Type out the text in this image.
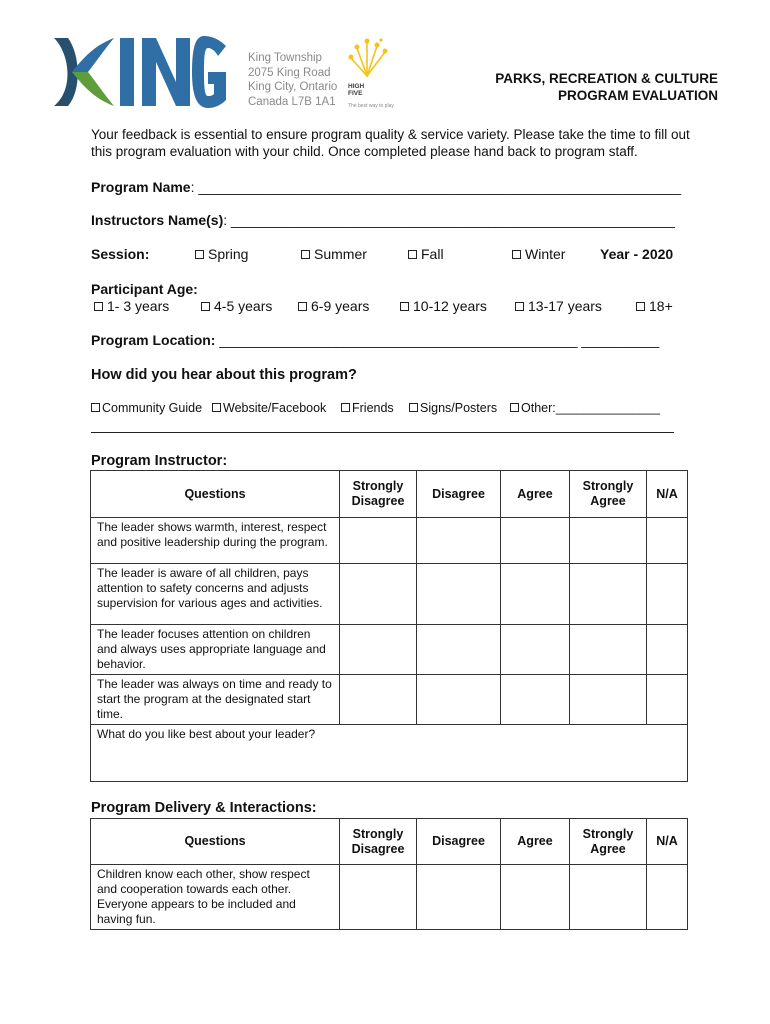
King Township
2075 King Road
King City, Ontario
Canada L7B 1A1
HIGH
FIVE
The best way to play
PARKS, RECREATION & CULTURE
PROGRAM EVALUATION
Your feedback is essential to ensure program quality & service variety. Please take the time to fill out this program evaluation with your child. Once completed please hand back to program staff.
Program Name: ______________________________________________________________
Instructors Name(s): _________________________________________________________
Session:	Spring	Summer	Fall	Winter Year - 2020
Participant Age:
1- 3 years	4-5 years	6-9 years	10-12 years	13-17 years	18+
Program Location: ______________________________________________ __________
How did you hear about this program?
Community Guide	Website/Facebook	Friends	Signs/Posters	Other:_______________
Program Instructor:
Questions	Strongly Disagree	Disagree	Agree	Strongly Agree	N/A
The leader shows warmth, interest, respect and positive leadership during the program.					
The leader is aware of all children, pays attention to safety concerns and adjusts supervision for various ages and activities.					
The leader focuses attention on children and always uses appropriate language and behavior.					
The leader was always on time and ready to start the program at the designated start time.					
What do you like best about your leader?					
Program Delivery & Interactions:
Questions	Strongly Disagree	Disagree	Agree	Strongly Agree	N/A
Children know each other, show respect and cooperation towards each other. Everyone appears to be included and having fun.					
